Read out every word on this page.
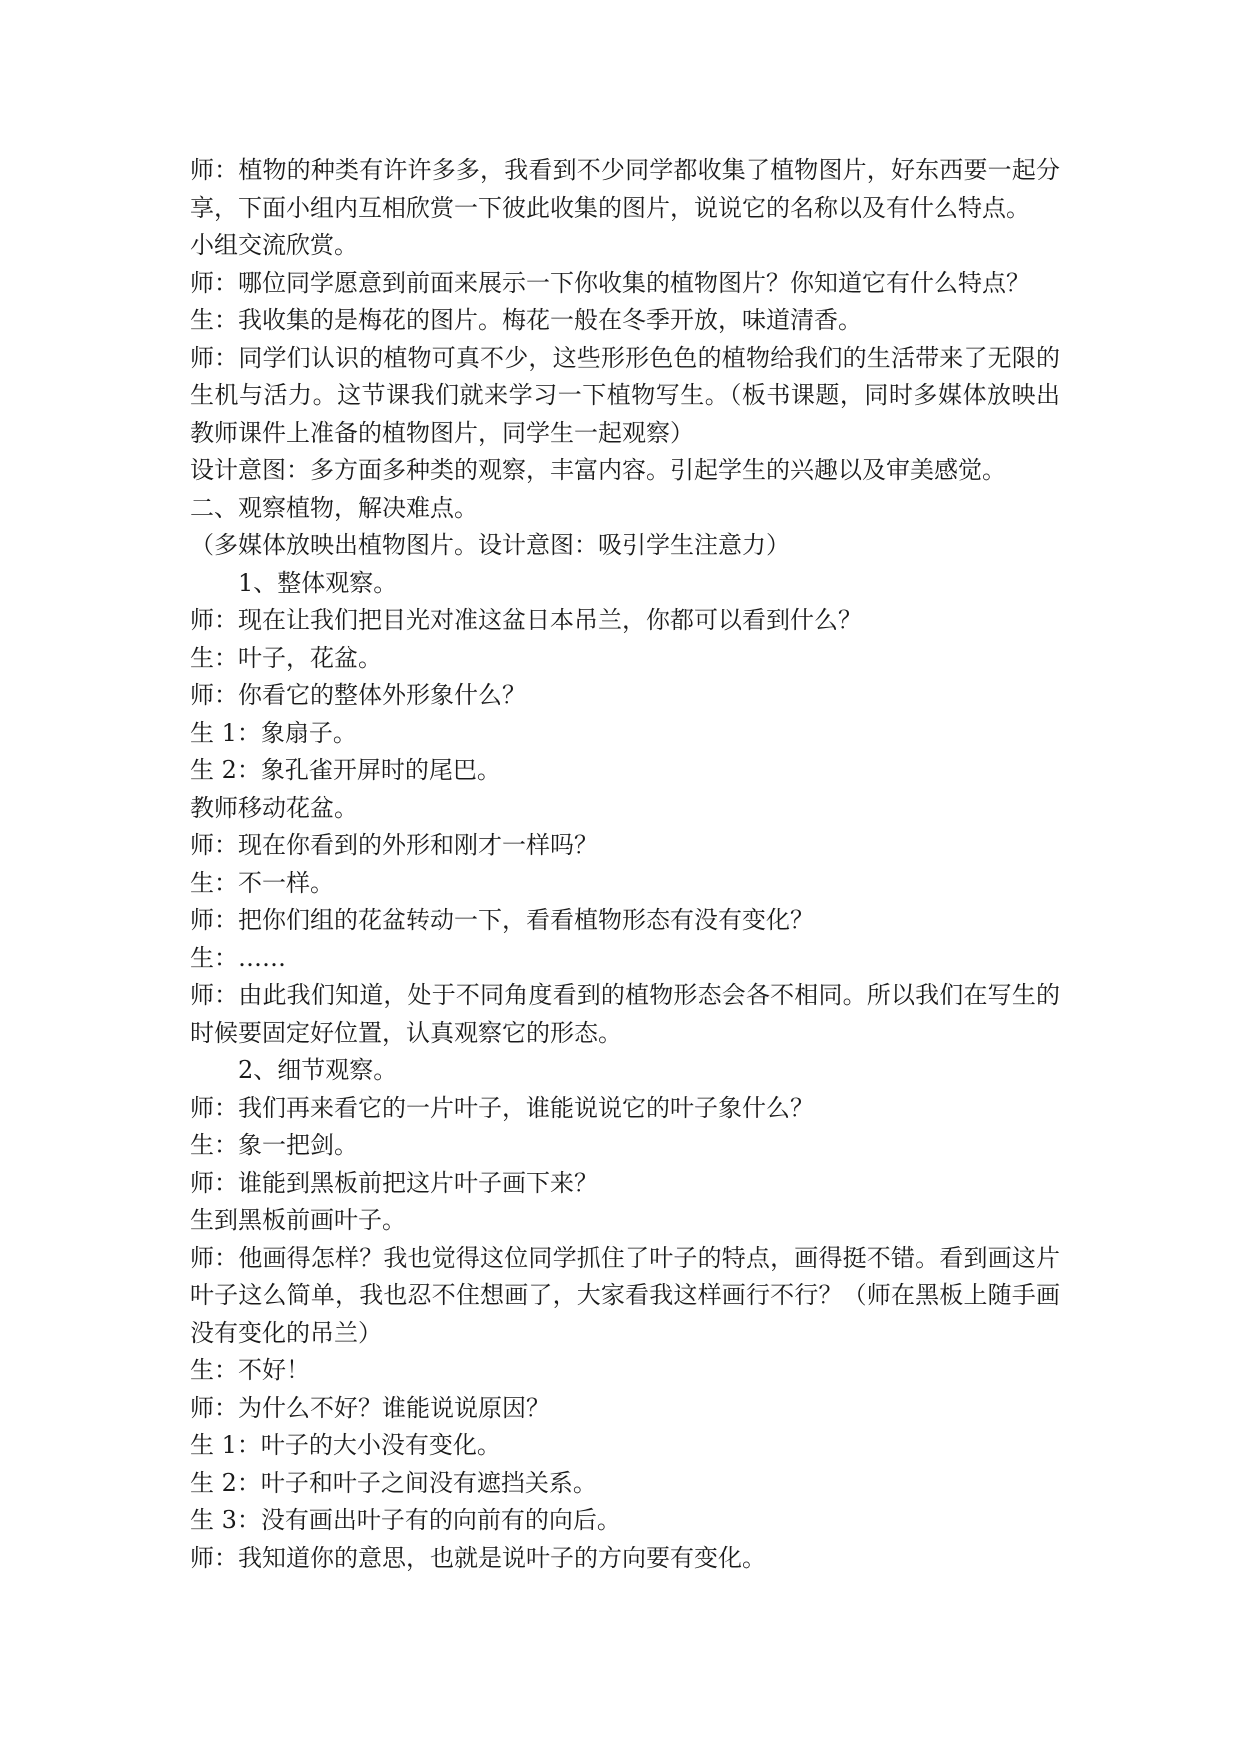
师：植物的种类有许许多多，我看到不少同学都收集了植物图片，好东西要一起分享，下面小组内互相欣赏一下彼此收集的图片，说说它的名称以及有什么特点。

小组交流欣赏。

师：哪位同学愿意到前面来展示一下你收集的植物图片？你知道它有什么特点？

生：我收集的是梅花的图片。梅花一般在冬季开放，味道清香。

师：同学们认识的植物可真不少，这些形形色色的植物给我们的生活带来了无限的生机与活力。这节课我们就来学习一下植物写生。（板书课题，同时多媒体放映出教师课件上准备的植物图片，同学生一起观察）

设计意图：多方面多种类的观察，丰富内容。引起学生的兴趣以及审美感觉。

二、观察植物，解决难点。

（多媒体放映出植物图片。设计意图：吸引学生注意力）

1、整体观察。

师：现在让我们把目光对准这盆日本吊兰，你都可以看到什么？

生：叶子，花盆。

师：你看它的整体外形象什么？

生 1：象扇子。

生 2：象孔雀开屏时的尾巴。

教师移动花盆。

师：现在你看到的外形和刚才一样吗？

生：不一样。

师：把你们组的花盆转动一下，看看植物形态有没有变化？

生：……

师：由此我们知道，处于不同角度看到的植物形态会各不相同。所以我们在写生的时候要固定好位置，认真观察它的形态。

2、细节观察。

师：我们再来看它的一片叶子，谁能说说它的叶子象什么？

生：象一把剑。

师：谁能到黑板前把这片叶子画下来？

生到黑板前画叶子。

师：他画得怎样？我也觉得这位同学抓住了叶子的特点，画得挺不错。看到画这片叶子这么简单，我也忍不住想画了，大家看我这样画行不行？（师在黑板上随手画没有变化的吊兰）

生：不好！

师：为什么不好？谁能说说原因？

生 1：叶子的大小没有变化。

生 2：叶子和叶子之间没有遮挡关系。

生 3：没有画出叶子有的向前有的向后。

师：我知道你的意思，也就是说叶子的方向要有变化。
